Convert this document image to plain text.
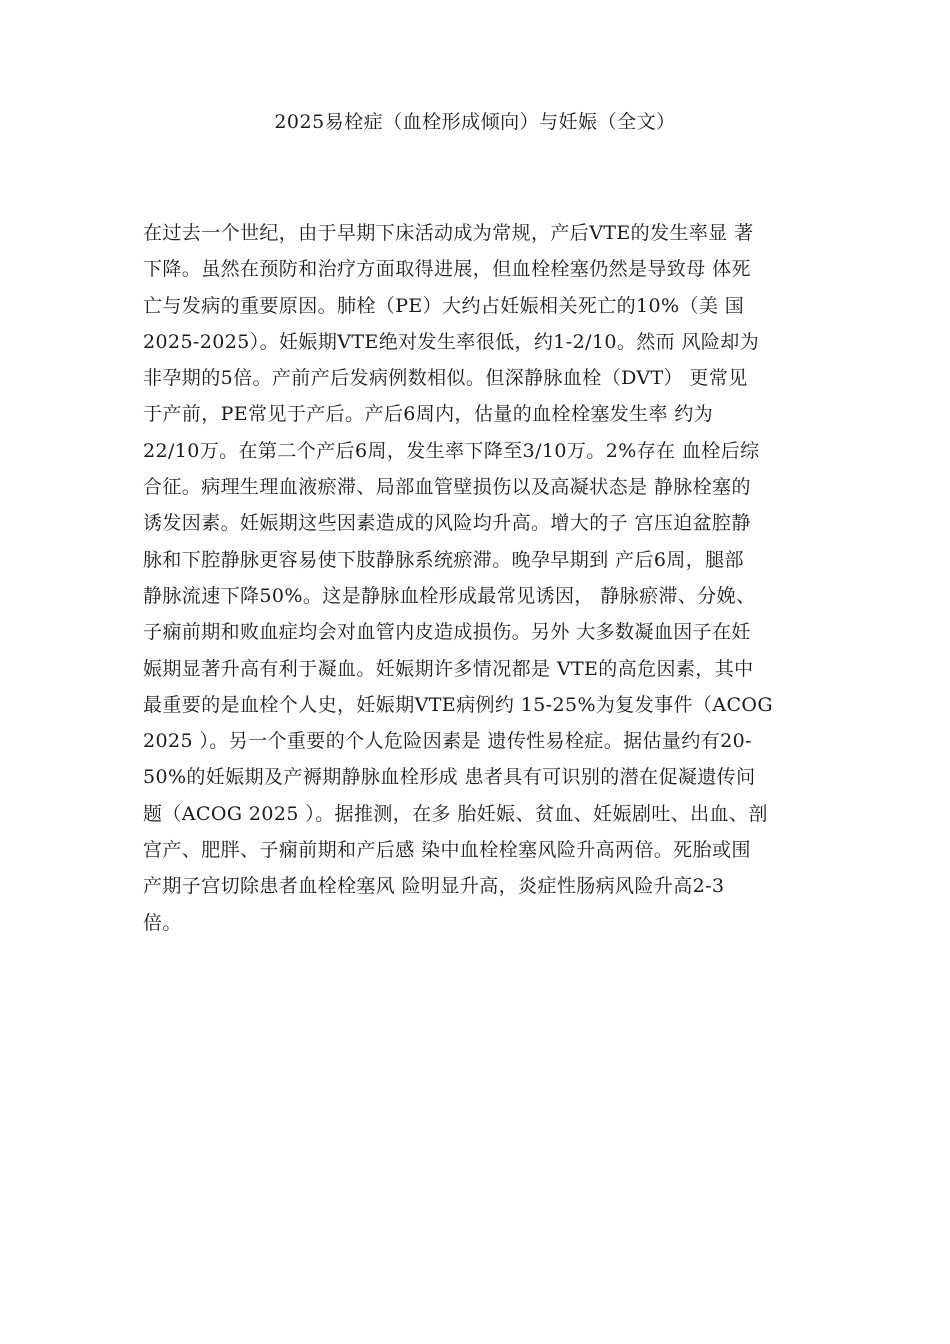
2025易栓症（血栓形成倾向）与妊娠（全文）
在过去一个世纪，由于早期下床活动成为常规，产后VTE的发生率显 著
下降。虽然在预防和治疗方面取得进展，但血栓栓塞仍然是导致母 体死
亡与发病的重要原因。肺栓（PE）大约占妊娠相关死亡的10%（美 国
2025-2025）。妊娠期VTE绝对发生率很低，约1-2/10。然而 风险却为
非孕期的5倍。产前产后发病例数相似。但深静脉血栓（DVT） 更常见
于产前，PE常见于产后。产后6周内，估量的血栓栓塞发生率 约为
22/10万。在第二个产后6周，发生率下降至3/10万。2%存在 血栓后综
合征。病理生理血液瘀滞、局部血管壁损伤以及高凝状态是 静脉栓塞的
诱发因素。妊娠期这些因素造成的风险均升高。增大的子 宫压迫盆腔静
脉和下腔静脉更容易使下肢静脉系统瘀滞。晚孕早期到 产后6周，腿部
静脉流速下降50%。这是静脉血栓形成最常见诱因， 静脉瘀滞、分娩、
子痫前期和败血症均会对血管内皮造成损伤。另外 大多数凝血因子在妊
娠期显著升高有利于凝血。妊娠期许多情况都是 VTE的高危因素，其中
最重要的是血栓个人史，妊娠期VTE病例约 15-25%为复发事件（ACOG
2025 ）。另一个重要的个人危险因素是 遗传性易栓症。据估量约有20-
50%的妊娠期及产褥期静脉血栓形成 患者具有可识别的潜在促凝遗传问
题（ACOG 2025 ）。据推测，在多 胎妊娠、贫血、妊娠剧吐、出血、剖
宫产、肥胖、子痫前期和产后感 染中血栓栓塞风险升高两倍。死胎或围
产期子宫切除患者血栓栓塞风 险明显升高，炎症性肠病风险升高2-3
倍。
